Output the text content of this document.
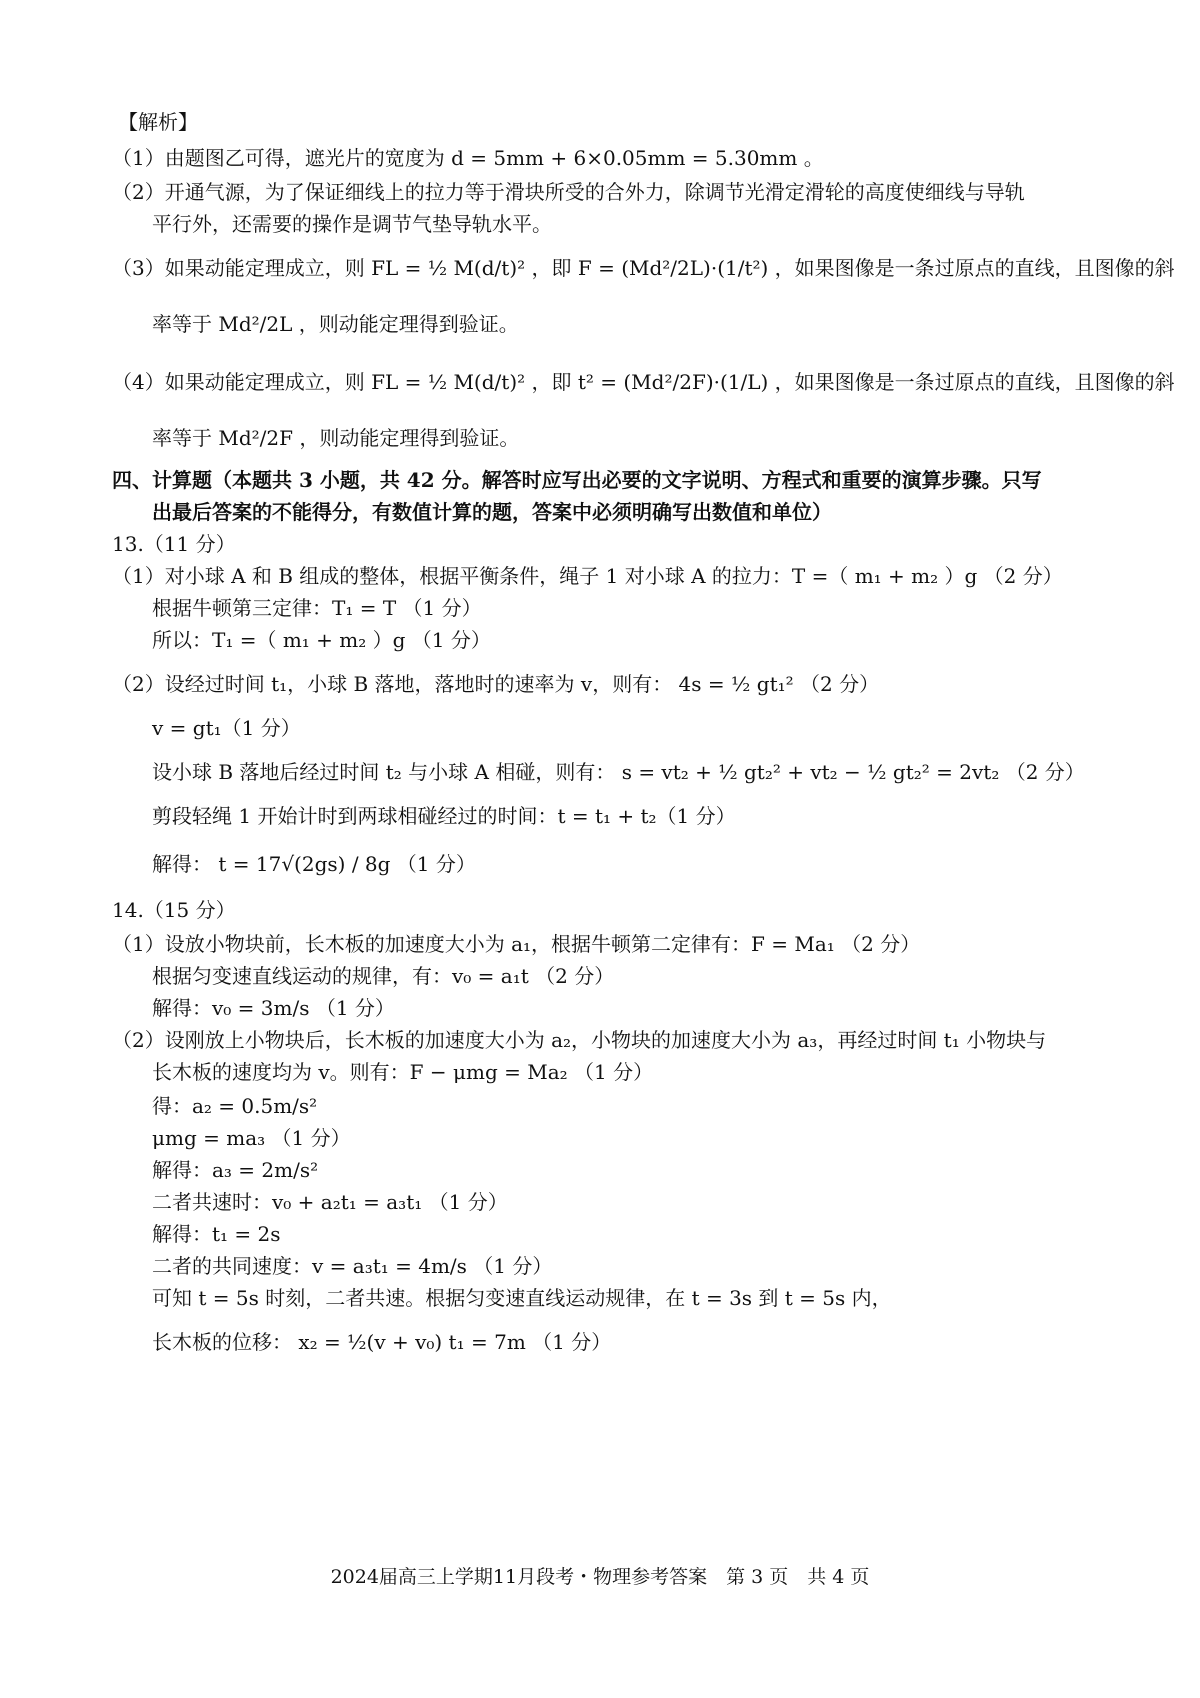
【解析】
（1）由题图乙可得，遮光片的宽度为 d = 5mm + 6×0.05mm = 5.30mm 。
（2）开通气源，为了保证细线上的拉力等于滑块所受的合外力，除调节光滑定滑轮的高度使细线与导轨
平行外，还需要的操作是调节气垫导轨水平。
（3）如果动能定理成立，则 FL = ½ M(d/t)² ，即 F = (Md²/2L)·(1/t²) ，如果图像是一条过原点的直线，且图像的斜
率等于 Md²/2L ，则动能定理得到验证。
（4）如果动能定理成立，则 FL = ½ M(d/t)² ，即 t² = (Md²/2F)·(1/L) ，如果图像是一条过原点的直线，且图像的斜
率等于 Md²/2F ，则动能定理得到验证。
四、计算题（本题共 3 小题，共 42 分。解答时应写出必要的文字说明、方程式和重要的演算步骤。只写
出最后答案的不能得分，有数值计算的题，答案中必须明确写出数值和单位）
13.（11 分）
（1）对小球 A 和 B 组成的整体，根据平衡条件，绳子 1 对小球 A 的拉力：T =（ m₁ + m₂ ）g （2 分）
根据牛顿第三定律：T₁ = T （1 分）
所以：T₁ =（ m₁ + m₂ ）g （1 分）
（2）设经过时间 t₁，小球 B 落地，落地时的速率为 v，则有： 4s = ½ gt₁² （2 分）
v = gt₁（1 分）
设小球 B 落地后经过时间 t₂ 与小球 A 相碰，则有： s = vt₂ + ½ gt₂² + vt₂ − ½ gt₂² = 2vt₂ （2 分）
剪段轻绳 1 开始计时到两球相碰经过的时间：t = t₁ + t₂（1 分）
解得： t = 17√(2gs) / 8g （1 分）
14.（15 分）
（1）设放小物块前，长木板的加速度大小为 a₁，根据牛顿第二定律有：F = Ma₁ （2 分）
根据匀变速直线运动的规律，有：v₀ = a₁t （2 分）
解得：v₀ = 3m/s （1 分）
（2）设刚放上小物块后，长木板的加速度大小为 a₂，小物块的加速度大小为 a₃，再经过时间 t₁ 小物块与
长木板的速度均为 v。则有：F − μmg = Ma₂ （1 分）
得：a₂ = 0.5m/s²
μmg = ma₃ （1 分）
解得：a₃ = 2m/s²
二者共速时：v₀ + a₂t₁ = a₃t₁ （1 分）
解得：t₁ = 2s
二者的共同速度：v = a₃t₁ = 4m/s （1 分）
可知 t = 5s 时刻，二者共速。根据匀变速直线运动规律，在 t = 3s 到 t = 5s 内，
长木板的位移： x₂ = ½(v + v₀) t₁ = 7m （1 分）
2024届高三上学期11月段考・物理参考答案　第 3 页　共 4 页
